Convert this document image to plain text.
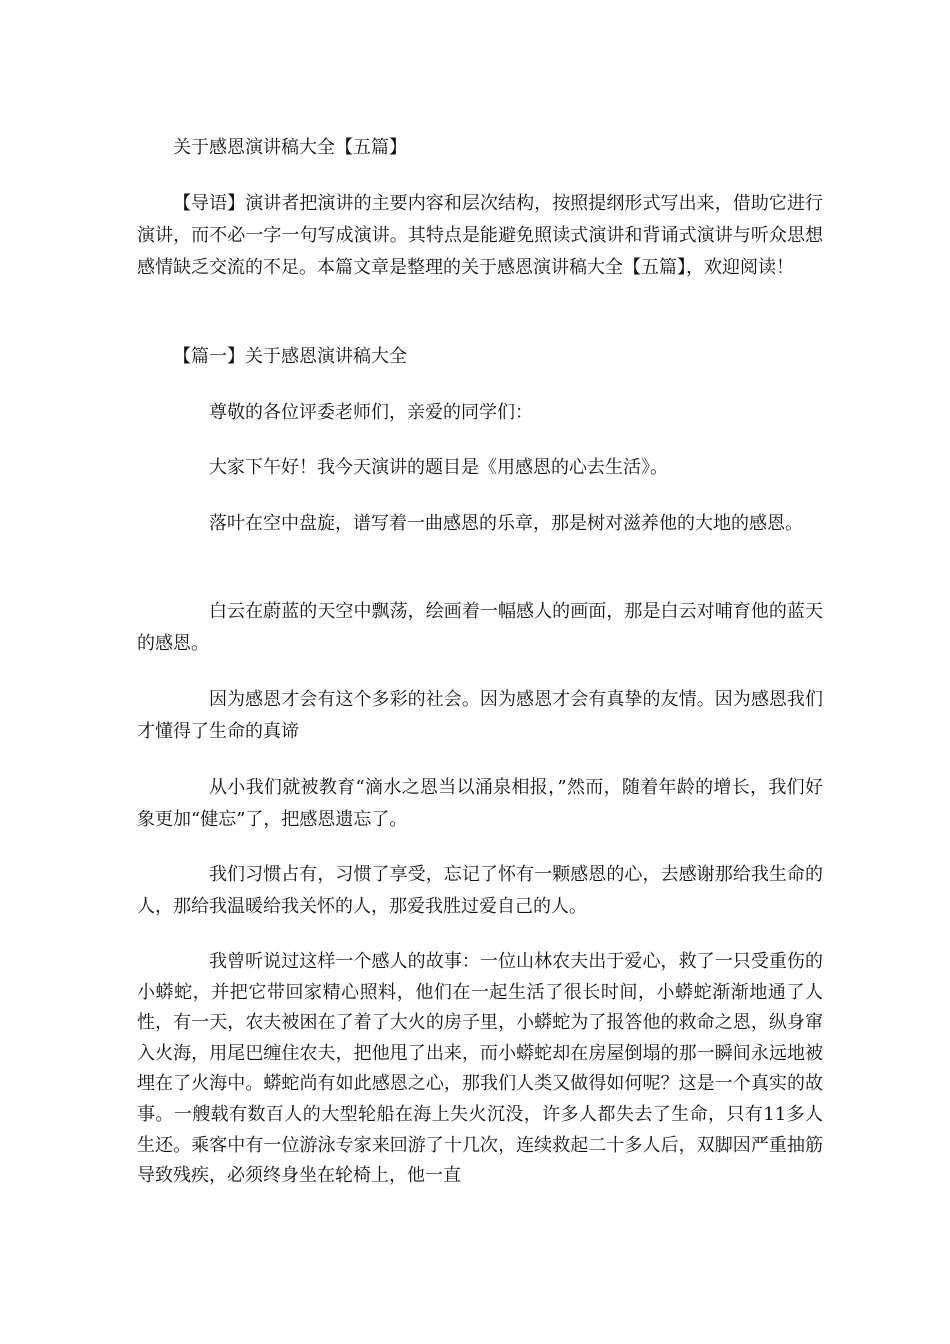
关于感恩演讲稿大全【五篇】

【导语】演讲者把演讲的主要内容和层次结构，按照提纲形式写出来，借助它进行演讲，而不必一字一句写成演讲。其特点是能避免照读式演讲和背诵式演讲与听众思想感情缺乏交流的不足。本篇文章是整理的关于感恩演讲稿大全【五篇】，欢迎阅读！

【篇一】关于感恩演讲稿大全

尊敬的各位评委老师们，亲爱的同学们：

大家下午好！我今天演讲的题目是《用感恩的心去生活》。

落叶在空中盘旋，谱写着一曲感恩的乐章，那是树对滋养他的大地的感恩。

白云在蔚蓝的天空中飘荡，绘画着一幅感人的画面，那是白云对哺育他的蓝天的感恩。

因为感恩才会有这个多彩的社会。因为感恩才会有真挚的友情。因为感恩我们才懂得了生命的真谛

从小我们就被教育“滴水之恩当以涌泉相报，”然而，随着年龄的增长，我们好象更加“健忘”了，把感恩遗忘了。

我们习惯占有，习惯了享受，忘记了怀有一颗感恩的心，去感谢那给我生命的人，那给我温暖给我关怀的人，那爱我胜过爱自己的人。

我曾听说过这样一个感人的故事：一位山林农夫出于爱心，救了一只受重伤的小蟒蛇，并把它带回家精心照料，他们在一起生活了很长时间，小蟒蛇渐渐地通了人性，有一天，农夫被困在了着了大火的房子里，小蟒蛇为了报答他的救命之恩，纵身窜入火海，用尾巴缠住农夫，把他甩了出来，而小蟒蛇却在房屋倒塌的那一瞬间永远地被埋在了火海中。蟒蛇尚有如此感恩之心，那我们人类又做得如何呢？这是一个真实的故事。一艘载有数百人的大型轮船在海上失火沉没，许多人都失去了生命，只有11多人生还。乘客中有一位游泳专家来回游了十几次，连续救起二十多人后，双脚因严重抽筋导致残疾，必须终身坐在轮椅上，他一直
